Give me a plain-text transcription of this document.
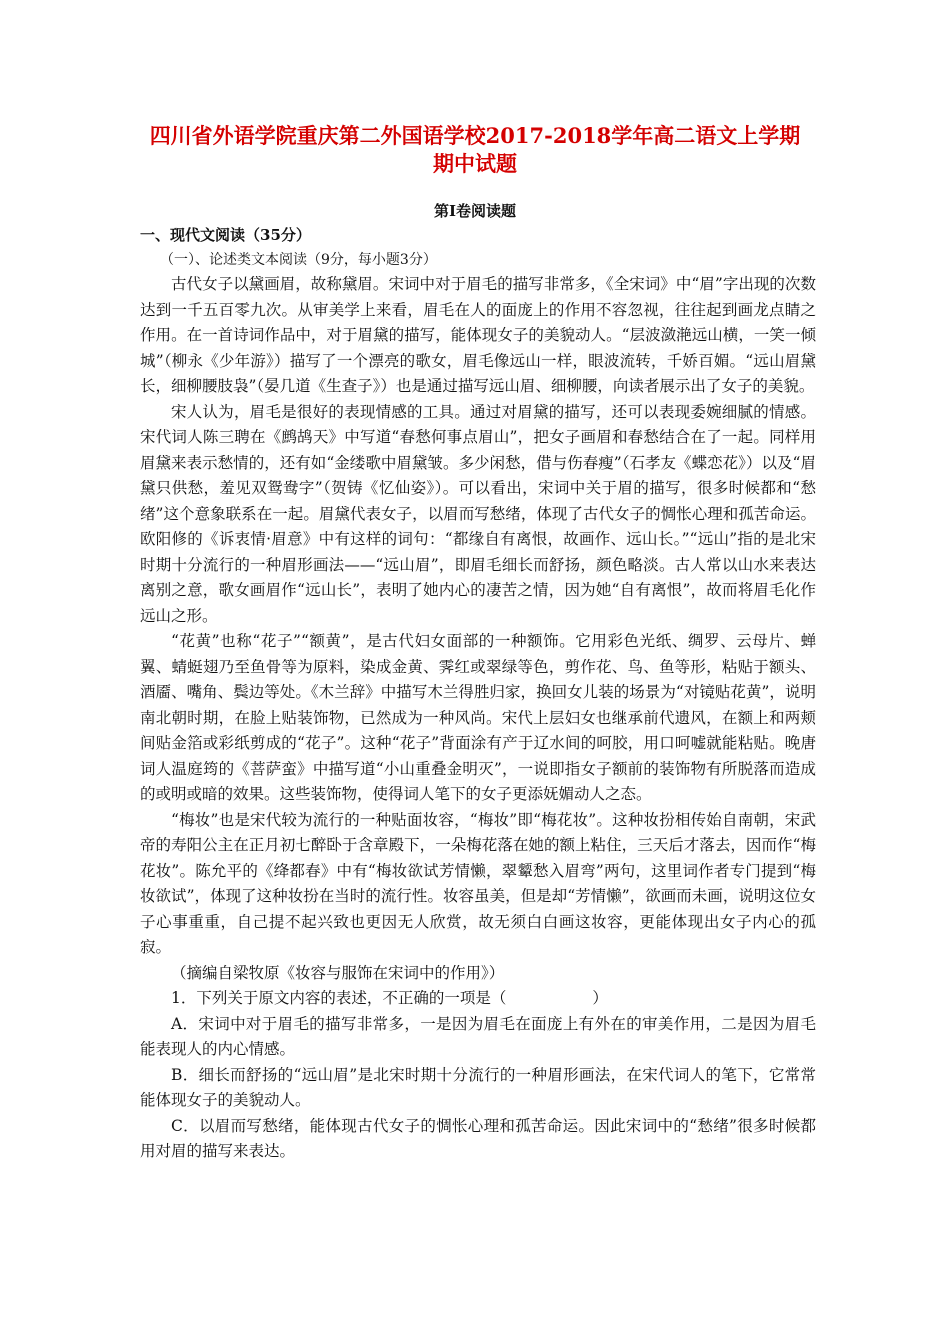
四川省外语学院重庆第二外国语学校2017-2018学年高二语文上学期
期中试题
第Ⅰ卷阅读题
一、现代文阅读（35分）
（一）、论述类文本阅读（9分，每小题3分）

古代女子以黛画眉，故称黛眉。宋词中对于眉毛的描写非常多，《全宋词》中“眉”字出现的次数达到一千五百零九次。从审美学上来看，眉毛在人的面庞上的作用不容忽视，往往起到画龙点睛之作用。在一首诗词作品中，对于眉黛的描写，能体现女子的美貌动人。“层波潋滟远山横，一笑一倾城”（柳永《少年游》）描写了一个漂亮的歌女，眉毛像远山一样，眼波流转，千娇百媚。“远山眉黛长，细柳腰肢袅”（晏几道《生查子》）也是通过描写远山眉、细柳腰，向读者展示出了女子的美貌。

宋人认为，眉毛是很好的表现情感的工具。通过对眉黛的描写，还可以表现委婉细腻的情感。宋代词人陈三聘在《鹧鸪天》中写道“春愁何事点眉山”，把女子画眉和春愁结合在了一起。同样用眉黛来表示愁情的，还有如“金缕歌中眉黛皱。多少闲愁，借与伤春瘦”（石孝友《蝶恋花》）以及“眉黛只供愁，羞见双鸳鸯字”（贺铸《忆仙姿》）。可以看出，宋词中关于眉的描写，很多时候都和“愁绪”这个意象联系在一起。眉黛代表女子，以眉而写愁绪，体现了古代女子的惆怅心理和孤苦命运。欧阳修的《诉衷情·眉意》中有这样的词句：“都缘自有离恨，故画作、远山长。”“远山”指的是北宋时期十分流行的一种眉形画法——“远山眉”，即眉毛细长而舒扬，颜色略淡。古人常以山水来表达离别之意，歌女画眉作“远山长”，表明了她内心的凄苦之情，因为她“自有离恨”，故而将眉毛化作远山之形。

“花黄”也称“花子”“额黄”，是古代妇女面部的一种额饰。它用彩色光纸、绸罗、云母片、蝉翼、蜻蜓翅乃至鱼骨等为原料，染成金黄、霁红或翠绿等色，剪作花、鸟、鱼等形，粘贴于额头、酒靥、嘴角、鬓边等处。《木兰辞》中描写木兰得胜归家，换回女儿装的场景为“对镜贴花黄”，说明南北朝时期，在脸上贴装饰物，已然成为一种风尚。宋代上层妇女也继承前代遗风，在额上和两颊间贴金箔或彩纸剪成的“花子”。这种“花子”背面涂有产于辽水间的呵胶，用口呵嘘就能粘贴。晚唐词人温庭筠的《菩萨蛮》中描写道“小山重叠金明灭”，一说即指女子额前的装饰物有所脱落而造成的或明或暗的效果。这些装饰物，使得词人笔下的女子更添妩媚动人之态。

“梅妆”也是宋代较为流行的一种贴面妆容，“梅妆”即“梅花妆”。这种妆扮相传始自南朝，宋武帝的寿阳公主在正月初七醉卧于含章殿下，一朵梅花落在她的额上粘住，三天后才落去，因而作“梅花妆”。陈允平的《绛都春》中有“梅妆欲试芳情懒，翠颦愁入眉弯”两句，这里词作者专门提到“梅妆欲试”，体现了这种妆扮在当时的流行性。妆容虽美，但是却“芳情懒”，欲画而未画，说明这位女子心事重重，自己提不起兴致也更因无人欣赏，故无须白白画这妆容，更能体现出女子内心的孤寂。

（摘编自梁牧原《妆容与服饰在宋词中的作用》）

1．下列关于原文内容的表述，不正确的一项是（	）

A．宋词中对于眉毛的描写非常多，一是因为眉毛在面庞上有外在的审美作用，二是因为眉毛能表现人的内心情感。

B．细长而舒扬的“远山眉”是北宋时期十分流行的一种眉形画法，在宋代词人的笔下，它常常能体现女子的美貌动人。

C．以眉而写愁绪，能体现古代女子的惆怅心理和孤苦命运。因此宋词中的“愁绪”很多时候都用对眉的描写来表达。
